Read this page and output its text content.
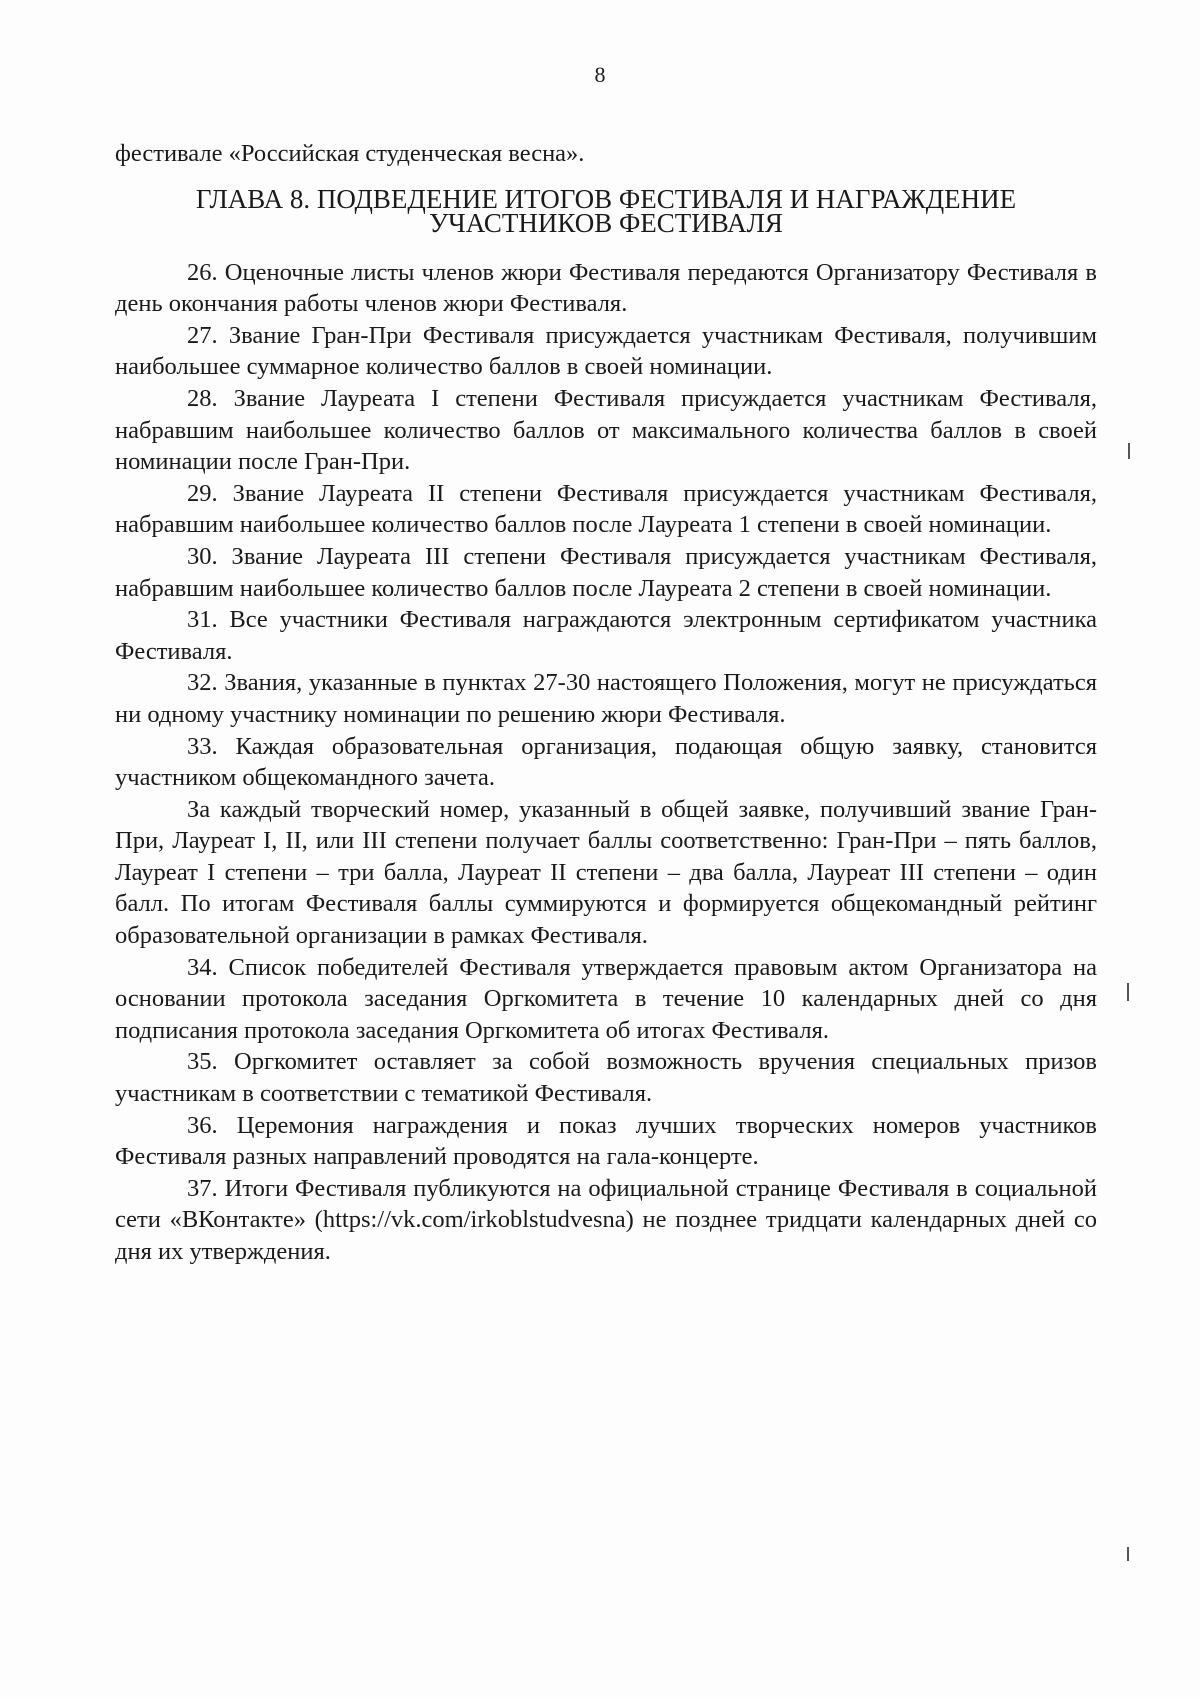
8

фестивале «Российская студенческая весна».

ГЛАВА 8. ПОДВЕДЕНИЕ ИТОГОВ ФЕСТИВАЛЯ И НАГРАЖДЕНИЕ
УЧАСТНИКОВ ФЕСТИВАЛЯ

26. Оценочные листы членов жюри Фестиваля передаются Организатору Фестиваля в день окончания работы членов жюри Фестиваля.

27. Звание Гран-При Фестиваля присуждается участникам Фестиваля, получившим наибольшее суммарное количество баллов в своей номинации.

28. Звание Лауреата I степени Фестиваля присуждается участникам Фестиваля, набравшим наибольшее количество баллов от максимального количества баллов в своей номинации после Гран-При.

29. Звание Лауреата II степени Фестиваля присуждается участникам Фестиваля, набравшим наибольшее количество баллов после Лауреата 1 степени в своей номинации.

30. Звание Лауреата III степени Фестиваля присуждается участникам Фестиваля, набравшим наибольшее количество баллов после Лауреата 2 степени в своей номинации.

31. Все участники Фестиваля награждаются электронным сертификатом участника Фестиваля.

32. Звания, указанные в пунктах 27-30 настоящего Положения, могут не присуждаться ни одному участнику номинации по решению жюри Фестиваля.

33. Каждая образовательная организация, подающая общую заявку, становится участником общекомандного зачета.

За каждый творческий номер, указанный в общей заявке, получивший звание Гран-При, Лауреат I, II, или III степени получает баллы соответственно: Гран-При – пять баллов, Лауреат I степени – три балла, Лауреат II степени – два балла, Лауреат III степени – один балл. По итогам Фестиваля баллы суммируются и формируется общекомандный рейтинг образовательной организации в рамках Фестиваля.

34. Список победителей Фестиваля утверждается правовым актом Организатора на основании протокола заседания Оргкомитета в течение 10 календарных дней со дня подписания протокола заседания Оргкомитета об итогах Фестиваля.

35. Оргкомитет оставляет за собой возможность вручения специальных призов участникам в соответствии с тематикой Фестиваля.

36. Церемония награждения и показ лучших творческих номеров участников Фестиваля разных направлений проводятся на гала-концерте.

37. Итоги Фестиваля публикуются на официальной странице Фестиваля в социальной сети «ВКонтакте» (https://vk.com/irkoblstudvesna) не позднее тридцати календарных дней со дня их утверждения.
